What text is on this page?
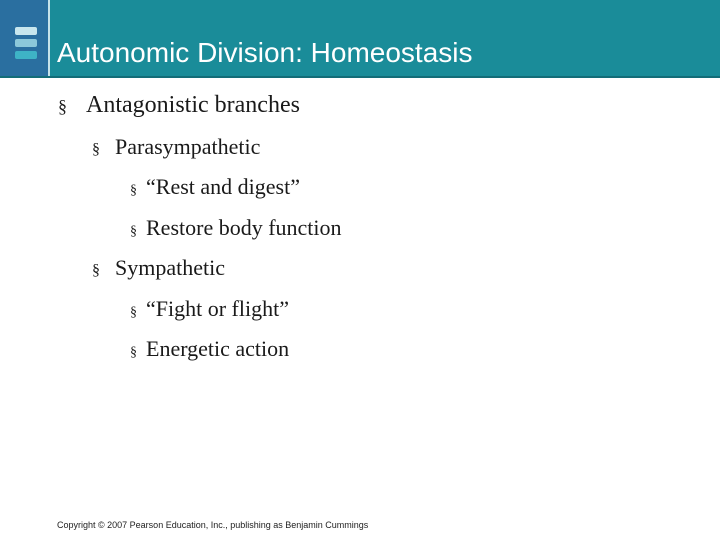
Autonomic Division: Homeostasis
§ Antagonistic branches
§ Parasympathetic
§ “Rest and digest”
§ Restore body function
§ Sympathetic
§ “Fight or flight”
§ Energetic action
Copyright © 2007 Pearson Education, Inc., publishing as Benjamin Cummings
